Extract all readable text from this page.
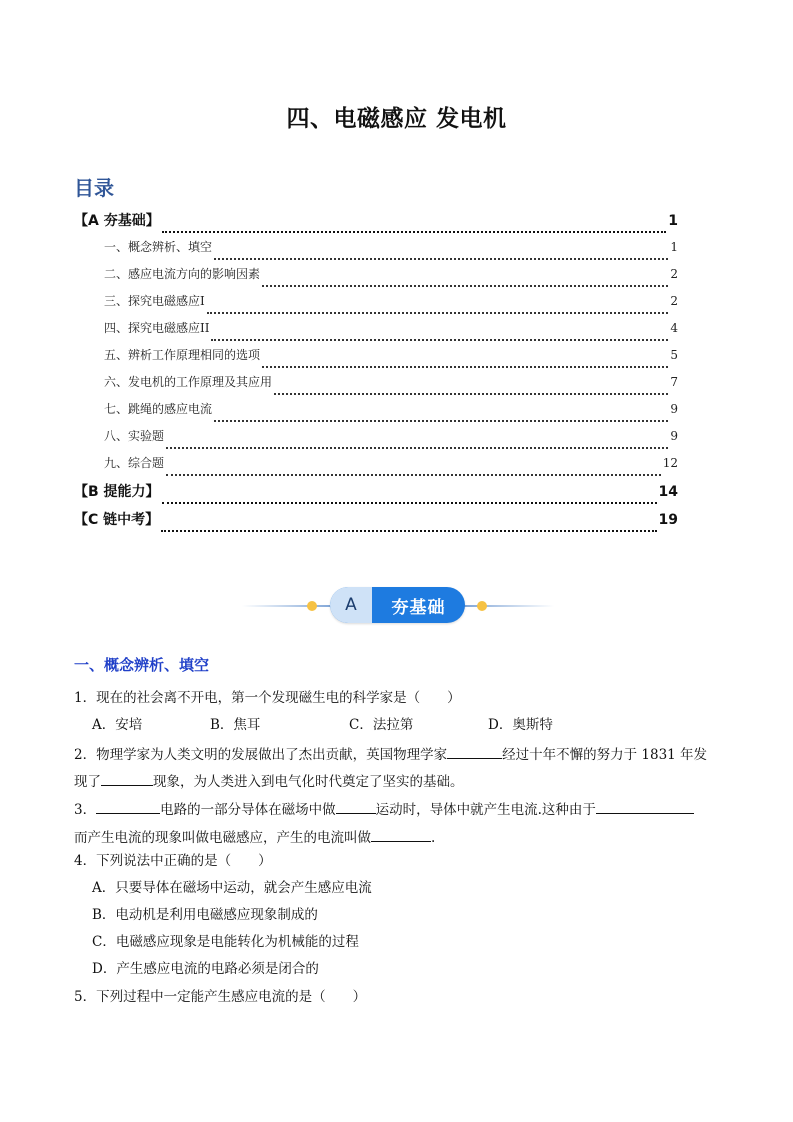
四、电磁感应 发电机
目录
【A 夯基础】	1
一、概念辨析、填空	1
二、感应电流方向的影响因素	2
三、探究电磁感应I	2
四、探究电磁感应II	4
五、辨析工作原理相同的选项	5
六、发电机的工作原理及其应用	7
七、跳绳的感应电流	9
八、实验题	9
九、综合题	12
【B 提能力】	14
【C 链中考】	19
A	夯基础
一、概念辨析、填空
1．现在的社会离不开电，第一个发现磁生电的科学家是（　　）
A．安培	B．焦耳	C．法拉第	D．奥斯特
2．物理学家为人类文明的发展做出了杰出贡献，英国物理学家	经过十年不懈的努力于 1831 年发
现了	现象，为人类进入到电气化时代奠定了坚实的基础。
3．	电路的一部分导体在磁场中做	运动时，导体中就产生电流.这种由于
而产生电流的现象叫做电磁感应，产生的电流叫做	.
4．下列说法中正确的是（　　）
A．只要导体在磁场中运动，就会产生感应电流
B．电动机是利用电磁感应现象制成的
C．电磁感应现象是电能转化为机械能的过程
D．产生感应电流的电路必须是闭合的
5．下列过程中一定能产生感应电流的是（　　）
